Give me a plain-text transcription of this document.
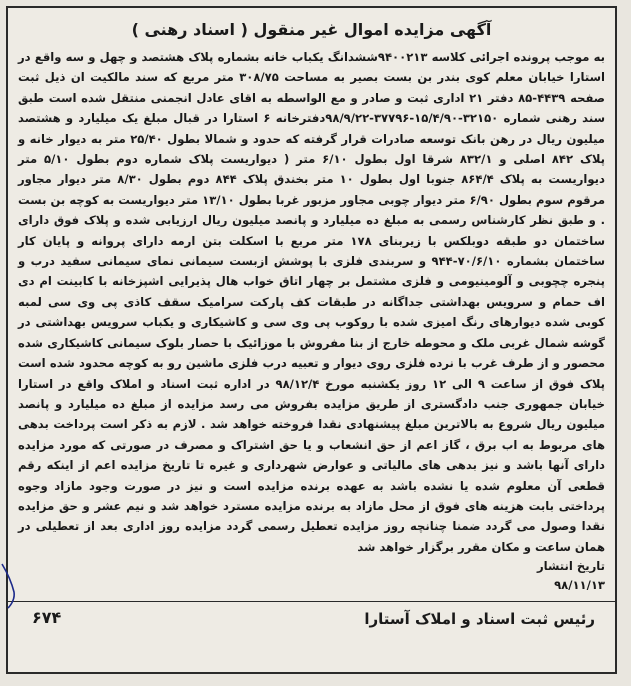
آگهی مزایده اموال غیر منقول ( اسناد رهنی )
به موجب پرونده اجرائی کلاسه ۹۴۰۰۲۱۳ششدانگ یکباب خانه بشماره پلاک هشتصد و چهل و سه واقع در استارا خیابان معلم کوی بندر بن بست بصیر به مساحت ۳۰۸/۷۵ متر مربع که سند مالکیت ان ذیل ثبت صفحه ۴۴۳۹-۸۵ دفتر ۲۱ اداری ثبت و صادر و مع الواسطه به اقای عادل انجمنی منتقل شده است طبق سند رهنی شماره ۳۲۱۵۰-۱۵/۴/۹۰-۳۷۷۹۶-۹۸/۹/۲۲دفترخانه ۶ استارا در قبال مبلغ یک میلیارد و هشتصد میلیون ریال در رهن بانک توسعه صادرات قرار گرفته که حدود و شمالا بطول ۲۵/۴۰ متر به دیوار خانه و پلاک ۸۴۲ اصلی و ۸۳۲/۱ شرقا اول بطول ۶/۱۰ متر ( دیواریست پلاک شماره دوم بطول ۵/۱۰ متر دیواریست به پلاک ۸۶۴/۴ جنوبا اول بطول ۱۰ متر بخندق پلاک ۸۴۴ دوم بطول ۸/۳۰ متر دیوار مجاور مرقوم سوم بطول ۶/۹۰ متر دیوار چوبی مجاور مزبور غربا بطول ۱۳/۱۰ متر دیواریست به کوچه بن بست . و طبق نظر کارشناس رسمی به مبلغ ده میلیارد و پانصد میلیون ریال ارزیابی شده و پلاک فوق دارای ساختمان دو طبقه دوبلکس با زیربنای ۱۷۸ متر مربع با اسکلت بتن ارمه دارای پروانه و پایان کار ساختمان بشماره ۷۰/۶/۱۰-۹۴۴ و سربندی فلزی با پوشش ازبست سیمانی نمای سیمانی سفید درب و پنجره چچوبی و آلومینیومی و فلزی مشتمل بر چهار اتاق خواب هال پذیرایی اشپزخانه با کابینت ام دی اف حمام و سرویس بهداشتی جداگانه در طبقات کف پارکت سرامیک سقف کاذی پی وی سی لمبه کوبی شده دیوارهای رنگ امیزی شده با روکوب پی وی سی و کاشیکاری و یکباب سرویس بهداشتی در گوشه شمال غربی ملک و محوطه خارج از بنا مفروش با موزائیک با حصار بلوک سیمانی کاشیکاری شده محصور و از طرف غرب با نرده فلزی روی دیوار و تعبیه درب فلزی ماشین رو به کوچه محدود شده است پلاک فوق از ساعت ۹ الی ۱۲ روز یکشنبه مورخ ۹۸/۱۲/۴ در اداره ثبت اسناد و املاک واقع در استارا خیابان جمهوری جنب دادگستری از طریق مزایده بفروش می رسد مزایده از مبلغ ده میلیارد و پانصد میلیون ریال شروع به بالاترین مبلغ پیشنهادی نقدا فروخته خواهد شد . لازم به ذکر است پرداخت بدهی های مربوط به اب برق ، گاز اعم از حق انشعاب و یا حق اشتراک و مصرف در صورتی که مورد مزایده دارای آنها باشد و نیز بدهی های مالیاتی و عوارض شهرداری و غیره تا تاریخ مزایده اعم از اینکه رقم قطعی آن معلوم شده یا نشده باشد به عهده برنده مزایده است و نیز در صورت وجود مازاد وجوه پرداختی بابت هزینه های فوق از محل مازاد به برنده مزایده مسترد خواهد شد و نیم عشر و حق مزایده نقدا وصول می گردد ضمنا چنانچه روز مزایده تعطیل رسمی گردد مزایده روز اداری بعد از تعطیلی در همان ساعت و مکان مقرر برگزار خواهد شد
تاریخ انتشار
۹۸/۱۱/۱۳
رئیس ثبت اسناد و املاک آستارا
۶۷۴
